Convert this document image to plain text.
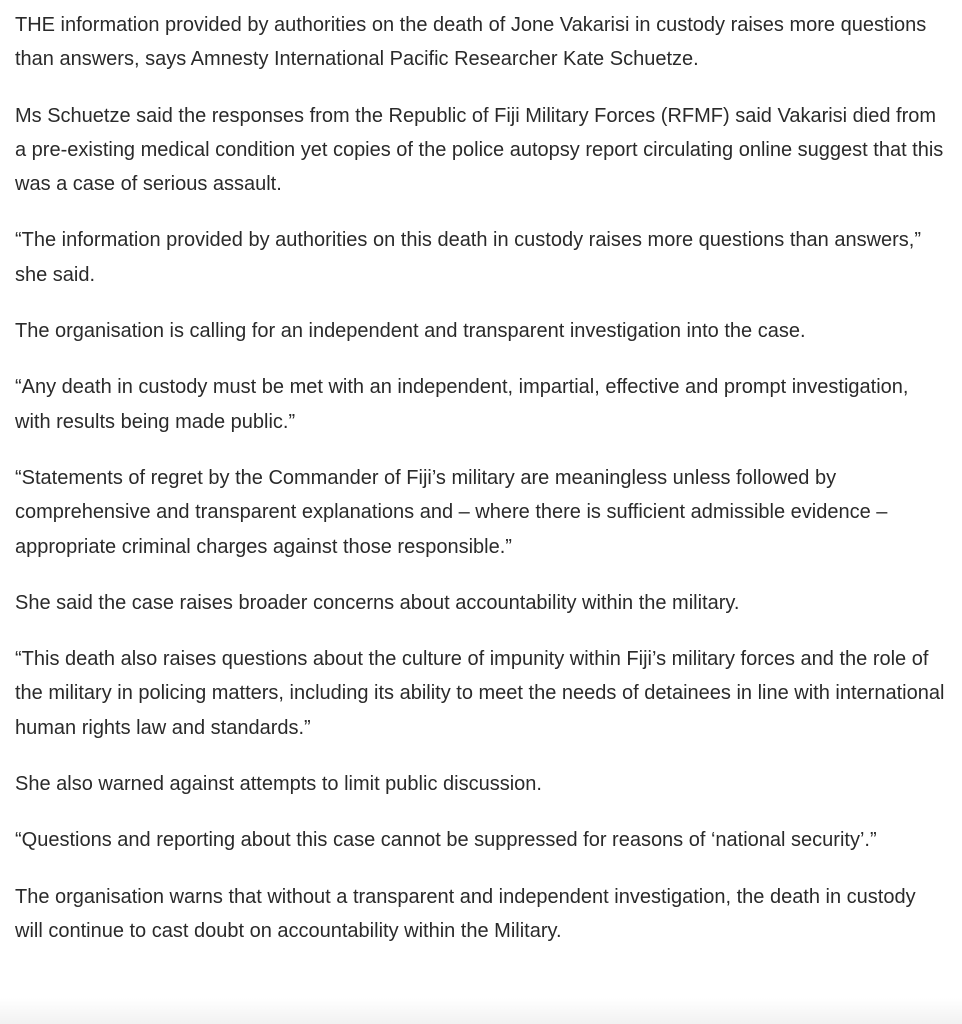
THE information provided by authorities on the death of Jone Vakarisi in custody raises more questions than answers, says Amnesty International Pacific Researcher Kate Schuetze.

Ms Schuetze said the responses from the Republic of Fiji Military Forces (RFMF) said Vakarisi died from a pre-existing medical condition yet copies of the police autopsy report circulating online suggest that this was a case of serious assault.

“The information provided by authorities on this death in custody raises more questions than answers,” she said.

The organisation is calling for an independent and transparent investigation into the case.

“Any death in custody must be met with an independent, impartial, effective and prompt investigation, with results being made public.”

“Statements of regret by the Commander of Fiji’s military are meaningless unless followed by comprehensive and transparent explanations and – where there is sufficient admissible evidence – appropriate criminal charges against those responsible.”

She said the case raises broader concerns about accountability within the military.

“This death also raises questions about the culture of impunity within Fiji’s military forces and the role of the military in policing matters, including its ability to meet the needs of detainees in line with international human rights law and standards.”

She also warned against attempts to limit public discussion.

“Questions and reporting about this case cannot be suppressed for reasons of ‘national security’.”

The organisation warns that without a transparent and independent investigation, the death in custody will continue to cast doubt on accountability within the Military.
